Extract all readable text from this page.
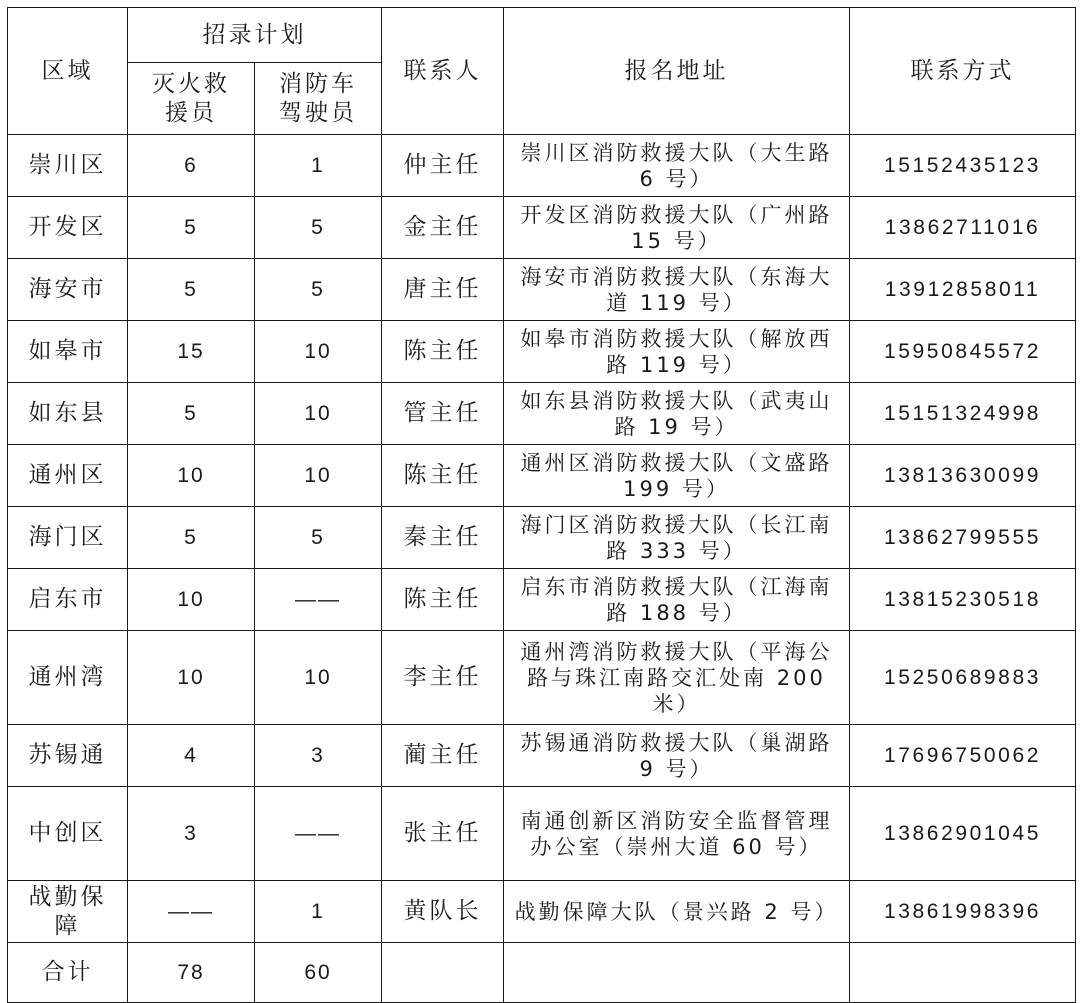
区域	招录计划		联系人	报名地址	联系方式
	灭火救援员	消防车驾驶员			
崇川区	6	1	仲主任	崇川区消防救援大队（大生路 6 号）	15152435123
开发区	5	5	金主任	开发区消防救援大队（广州路 15 号）	13862711016
海安市	5	5	唐主任	海安市消防救援大队（东海大道 119 号）	13912858011
如皋市	15	10	陈主任	如皋市消防救援大队（解放西路 119 号）	15950845572
如东县	5	10	管主任	如东县消防救援大队（武夷山路 19 号）	15151324998
通州区	10	10	陈主任	通州区消防救援大队（文盛路 199 号）	13813630099
海门区	5	5	秦主任	海门区消防救援大队（长江南路 333 号）	13862799555
启东市	10	——	陈主任	启东市消防救援大队（江海南路 188 号）	13815230518
通州湾	10	10	李主任	通州湾消防救援大队（平海公路与珠江南路交汇处南 200 米）	15250689883
苏锡通	4	3	蔺主任	苏锡通消防救援大队（巢湖路 9 号）	17696750062
中创区	3	——	张主任	南通创新区消防安全监督管理办公室（崇州大道 60 号）	13862901045
战勤保障	——	1	黄队长	战勤保障大队（景兴路 2 号）	13861998396
合计	78	60			
